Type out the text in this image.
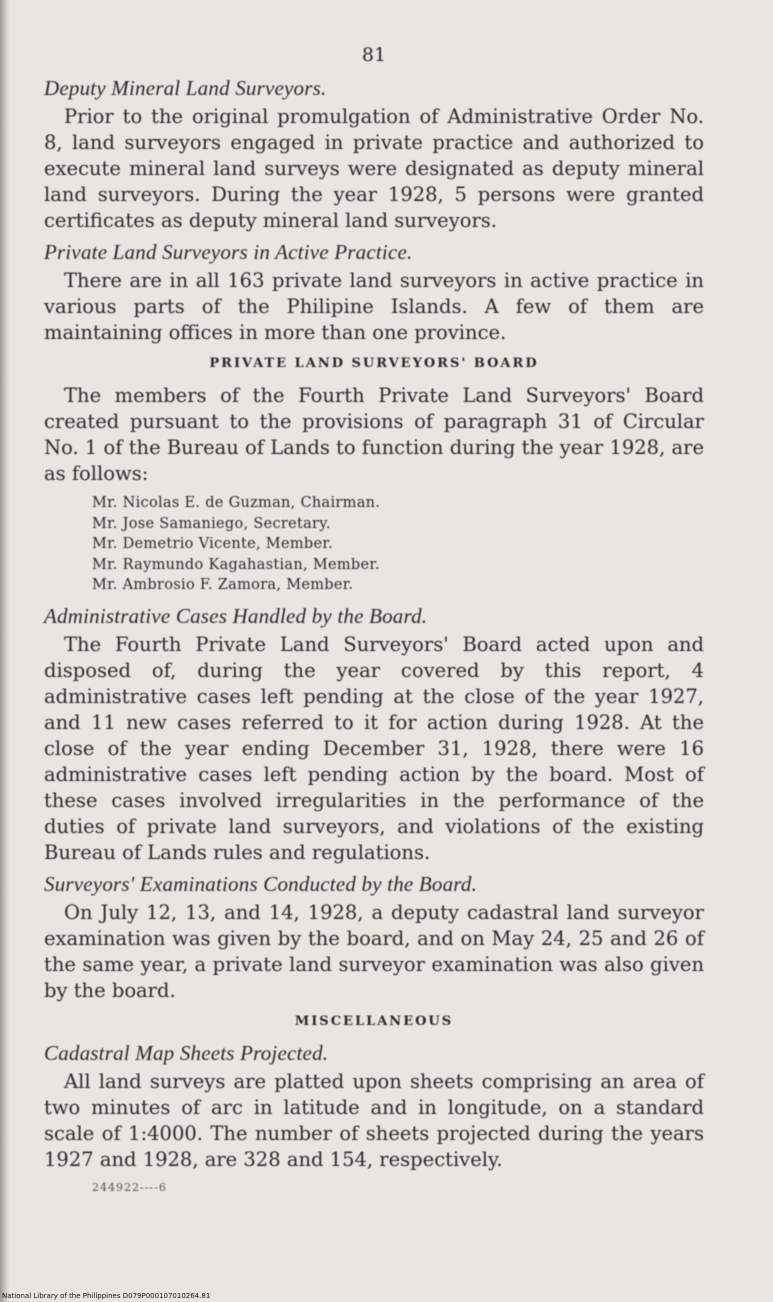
81
Deputy Mineral Land Surveyors.

Prior to the original promulgation of Administrative Order No. 8, land surveyors engaged in private practice and authorized to execute mineral land surveys were designated as deputy mineral land surveyors. During the year 1928, 5 persons were granted certificates as deputy mineral land surveyors.

Private Land Surveyors in Active Practice.

There are in all 163 private land surveyors in active practice in various parts of the Philipine Islands. A few of them are maintaining offices in more than one province.

PRIVATE LAND SURVEYORS' BOARD

The members of the Fourth Private Land Surveyors' Board created pursuant to the provisions of paragraph 31 of Circular No. 1 of the Bureau of Lands to function during the year 1928, are as follows:

Mr. Nicolas E. de Guzman, Chairman.
Mr. Jose Samaniego, Secretary.
Mr. Demetrio Vicente, Member.
Mr. Raymundo Kagahastian, Member.
Mr. Ambrosio F. Zamora, Member.
Administrative Cases Handled by the Board.

The Fourth Private Land Surveyors' Board acted upon and disposed of, during the year covered by this report, 4 administrative cases left pending at the close of the year 1927, and 11 new cases referred to it for action during 1928. At the close of the year ending December 31, 1928, there were 16 administrative cases left pending action by the board. Most of these cases involved irregularities in the performance of the duties of private land surveyors, and violations of the existing Bureau of Lands rules and regulations.

Surveyors' Examinations Conducted by the Board.

On July 12, 13, and 14, 1928, a deputy cadastral land surveyor examination was given by the board, and on May 24, 25 and 26 of the same year, a private land surveyor examination was also given by the board.

MISCELLANEOUS
Cadastral Map Sheets Projected.

All land surveys are platted upon sheets comprising an area of two minutes of arc in latitude and in longitude, on a standard scale of 1:4000. The number of sheets projected during the years 1927 and 1928, are 328 and 154, respectively.

244922----6
National Library of the Philippines D079P000107010264.81
